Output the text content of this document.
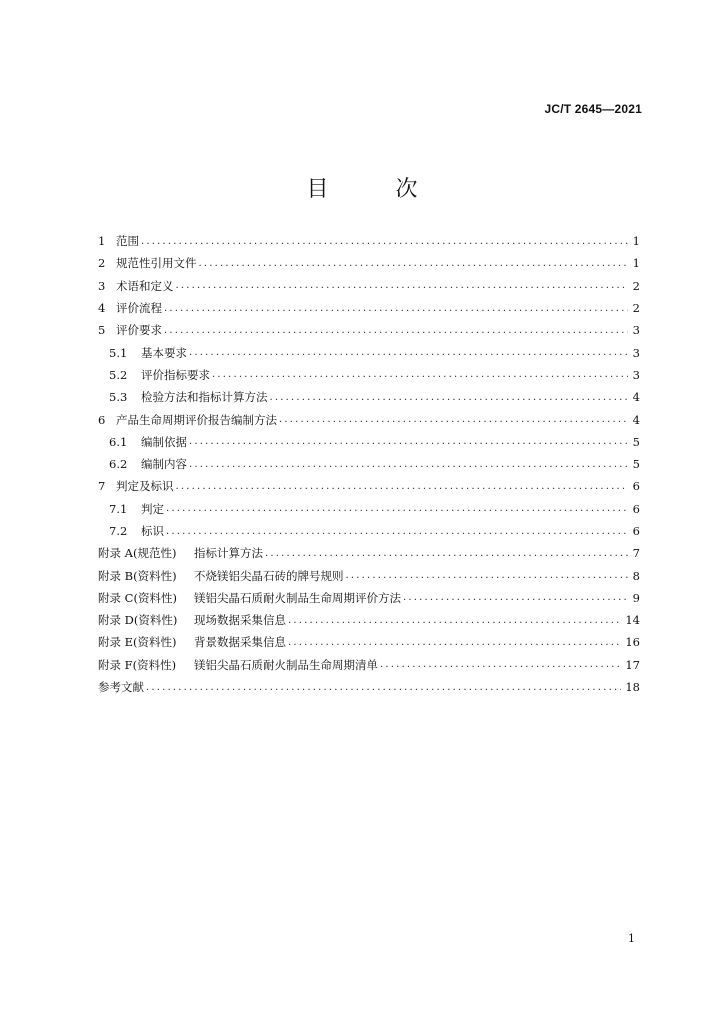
JC/T 2645—2021
目 次
1 范围 .....	1
2 规范性引用文件 .....	1
3 术语和定义 .....	2
4 评价流程 .....	2
5 评价要求 .....	3
5.1	基本要求 .....	3
5.2	评价指标要求 .....	3
5.3	检验方法和指标计算方法 .....	4
6 产品生命周期评价报告编制方法 .....	4
6.1	编制依据 .....	5
6.2	编制内容 .....	5
7 判定及标识 .....	6
7.1	判定 .....	6
7.2	标识 .....	6
附录 A(规范性)	指标计算方法 .....	7
附录 B(资料性)	不烧镁铝尖晶石砖的牌号规则 .....	8
附录 C(资料性)	镁铝尖晶石质耐火制品生命周期评价方法 .....	9
附录 D(资料性)	现场数据采集信息 .....	14
附录 E(资料性)	背景数据采集信息 .....	16
附录 F(资料性)	镁铝尖晶石质耐火制品生命周期清单 .....	17
参考文献 .....	18
1
